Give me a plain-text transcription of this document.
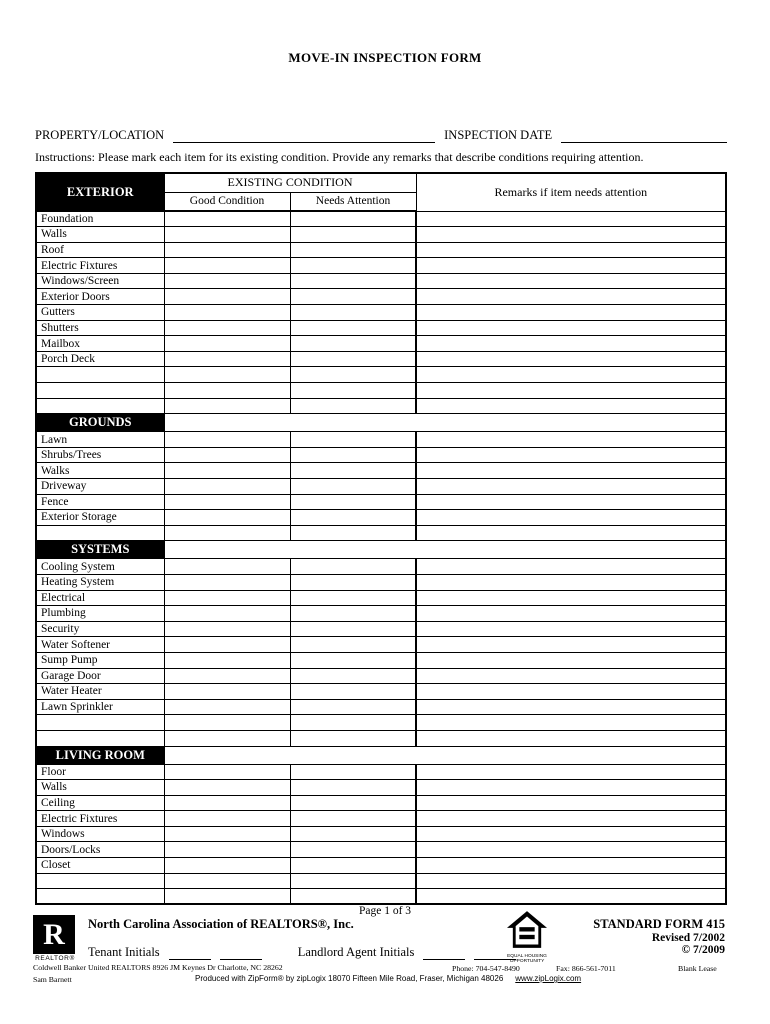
MOVE-IN INSPECTION FORM
PROPERTY/LOCATION	INSPECTION DATE
Instructions: Please mark each item for its existing condition. Provide any remarks that describe conditions requiring attention.
EXTERIOR	EXISTING CONDITION		Remarks if item needs attention
	Good Condition	Needs Attention	
Foundation			
Walls			
Roof			
Electric Fixtures			
Windows/Screen			
Exterior Doors			
Gutters			
Shutters			
Mailbox			
Porch Deck			

GROUNDS			
Lawn			
Shrubs/Trees			
Walks			
Driveway			
Fence			
Exterior Storage			

SYSTEMS			
Cooling System			
Heating System			
Electrical			
Plumbing			
Security			
Water Softener			
Sump Pump			
Garage Door			
Water Heater			
Lawn Sprinkler			

LIVING ROOM			
Floor			
Walls			
Ceiling			
Electric Fixtures			
Windows			
Doors/Locks			
Closet			

Page 1 of 3
R
REALTOR®
North Carolina Association of REALTORS®, Inc.
Tenant Initials	Landlord Agent Initials	EQUAL HOUSING OPPORTUNITY
STANDARD FORM 415
Revised 7/2002
© 7/2009
Coldwell Banker United REALTORS 8926 JM Keynes Dr Charlotte, NC 28262	Phone: 704-547-8490	Fax: 866-561-7011	Blank Lease
Sam Barnett	Produced with ZipForm® by zipLogix 18070 Fifteen Mile Road, Fraser, Michigan 48026 www.zipLogix.com
